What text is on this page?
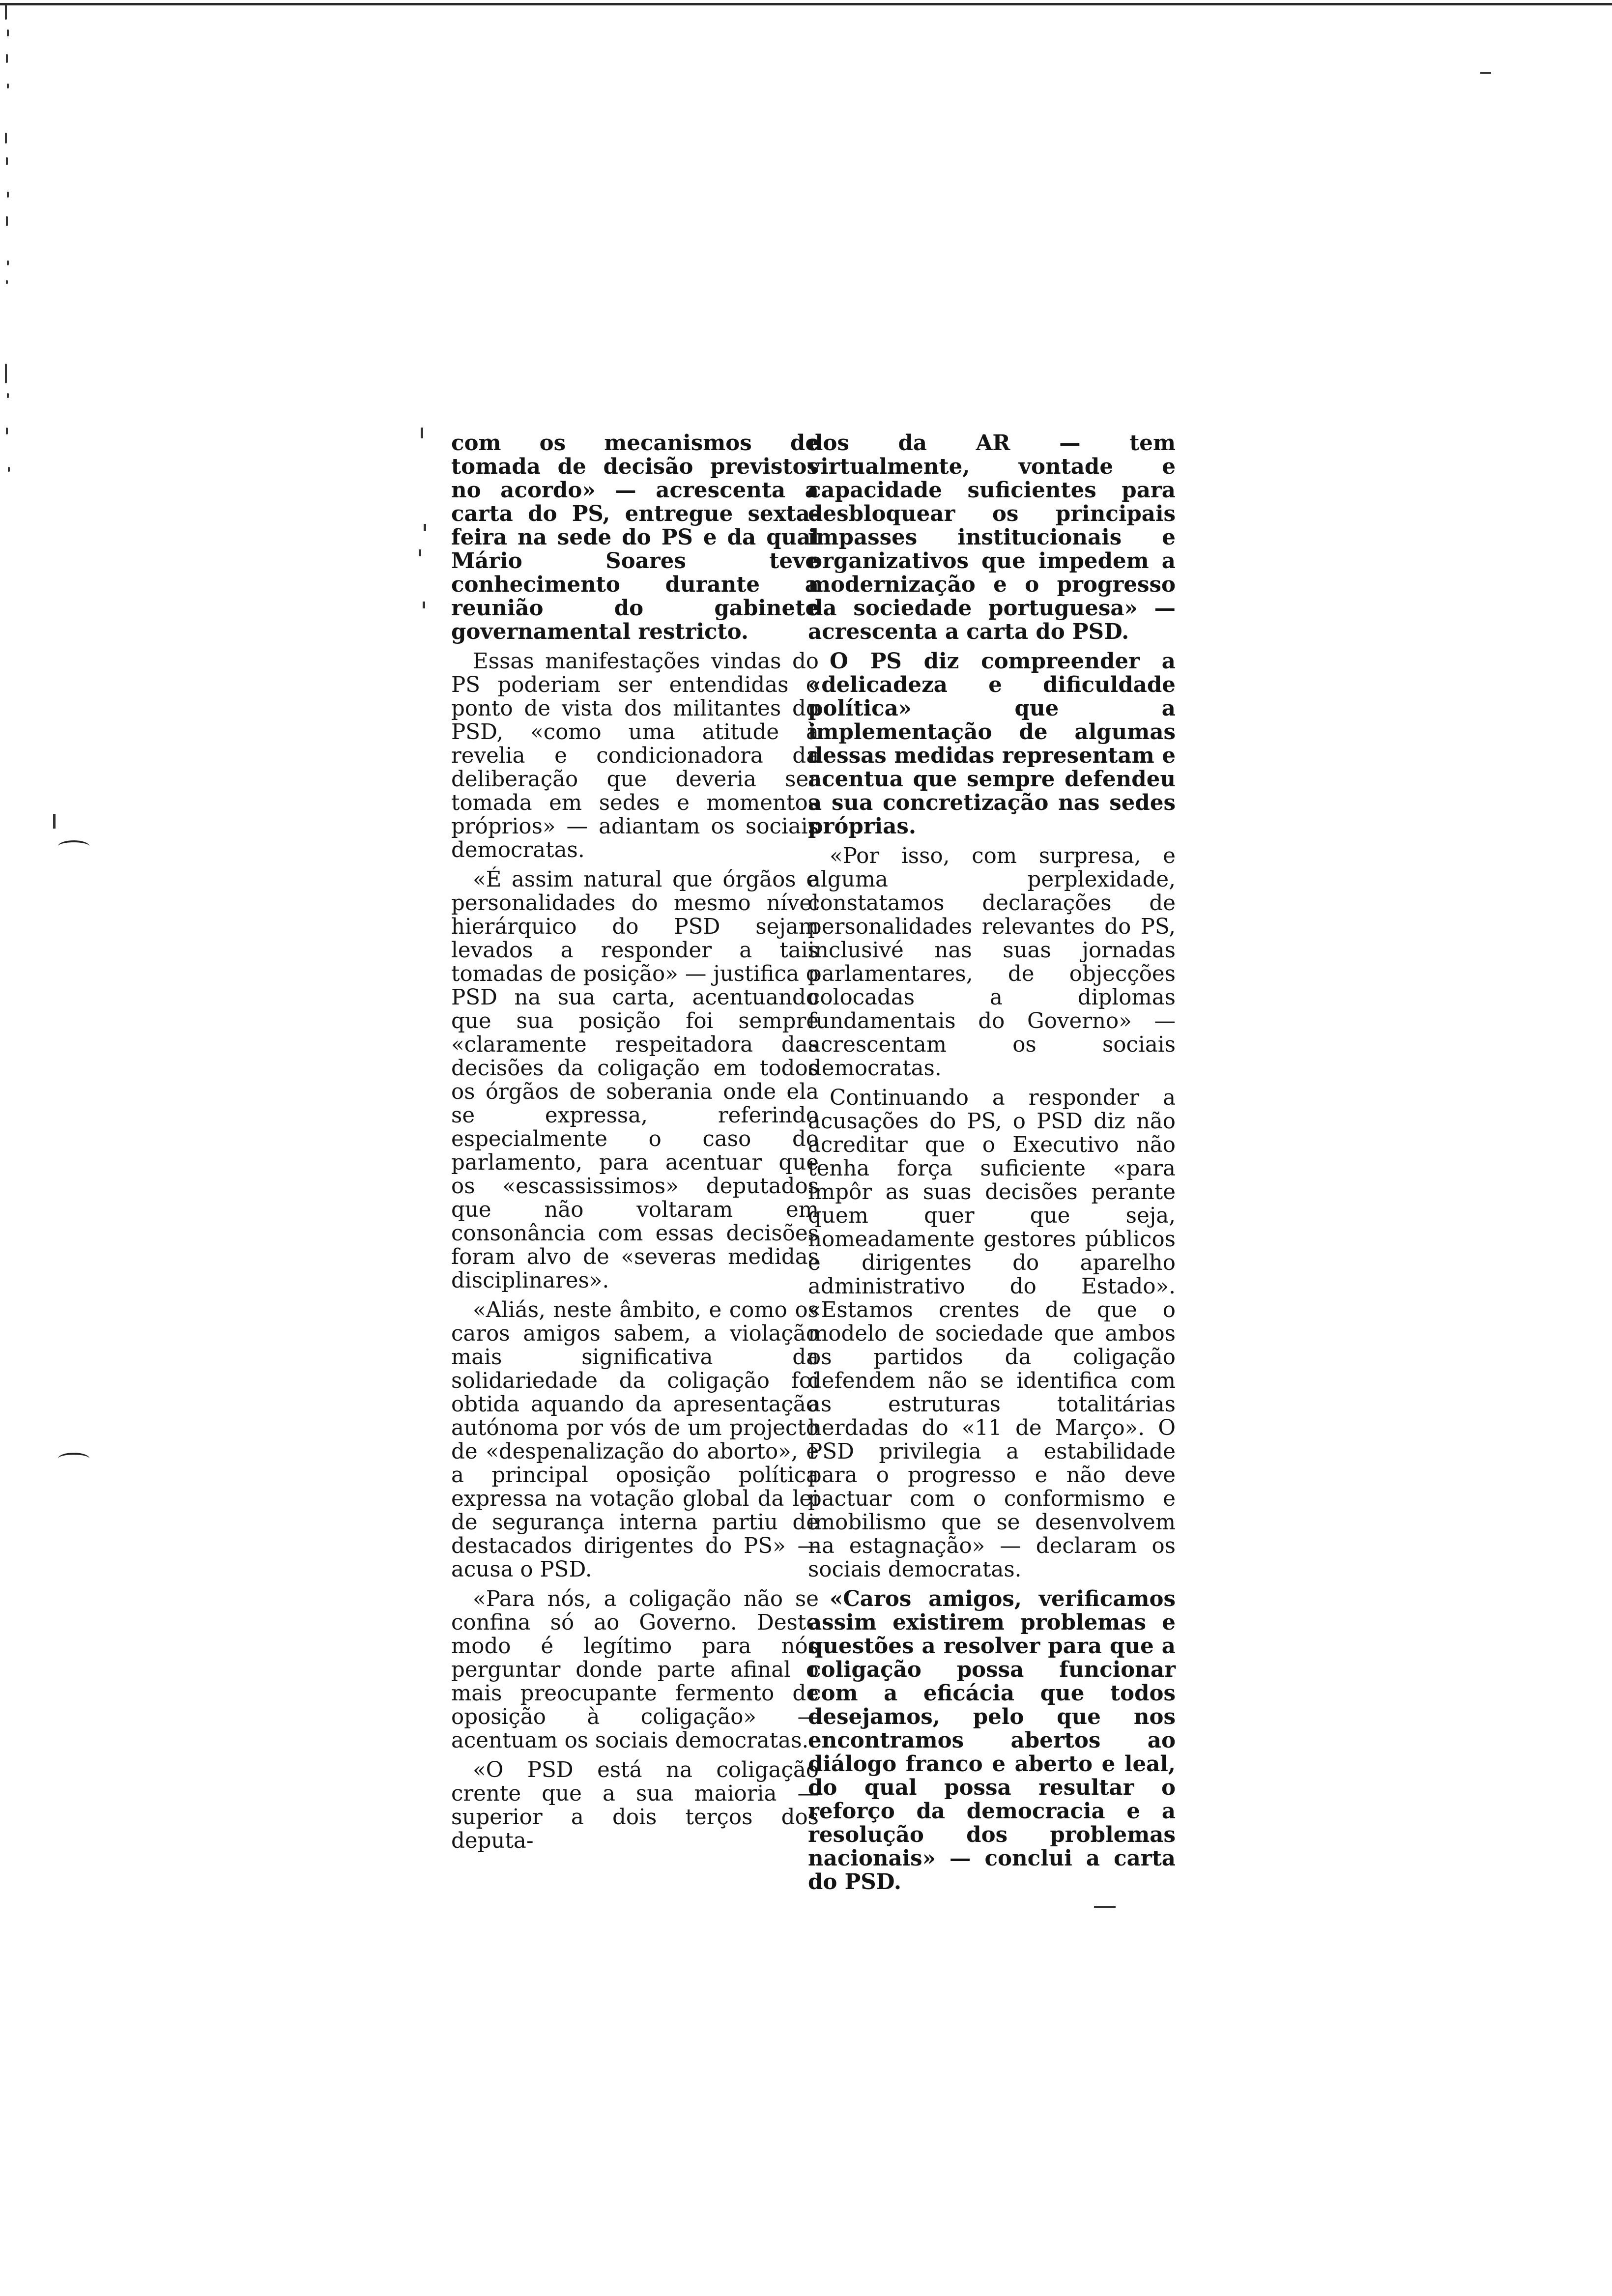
com os mecanismos de tomada de decisão previstos no acordo» — acrescenta a carta do PS, entregue sexta-feira na sede do PS e da qual Mário Soares teve conhecimento durante a reunião do gabinete governamental restricto.

Essas manifestações vindas do PS poderiam ser entendidas o ponto de vista dos militantes do PSD, «como uma atitude à revelia e condicionadora da deliberação que deveria ser tomada em sedes e momentos próprios» — adiantam os sociais democratas.

«É assim natural que órgãos e personalidades do mesmo nível hierárquico do PSD sejam levados a responder a tais tomadas de posição» — justifica o PSD na sua carta, acentuando que sua posição foi sempre «claramente respeitadora das decisões da coligação em todos os órgãos de soberania onde ela se expressa, referindo especialmente o caso do parlamento, para acentuar que os «escassissimos» deputados que não voltaram em consonância com essas decisões foram alvo de «severas medidas disciplinares».

«Aliás, neste âmbito, e como os caros amigos sabem, a violação mais significativa da solidariedade da coligação foi obtida aquando da apresentação autónoma por vós de um projecto de «despenalização do aborto», e a principal oposição política expressa na votação global da lei de segurança interna partiu de destacados dirigentes do PS» — acusa o PSD.

«Para nós, a coligação não se confina só ao Governo. Deste modo é legítimo para nós perguntar donde parte afinal o mais preocupante fermento de oposição à coligação» — acentuam os sociais democratas.

«O PSD está na coligação crente que a sua maioria — superior a dois terços dos deputa-

dos da AR — tem virtualmente, vontade e capacidade suficientes para desbloquear os principais impasses institucionais e organizativos que impedem a modernização e o progresso da sociedade portuguesa» — acrescenta a carta do PSD.

O PS diz compreender a «delicadeza e dificuldade política» que a implementação de algumas dessas medidas representam e acentua que sempre defendeu a sua concretização nas sedes próprias.

«Por isso, com surpresa, e alguma perplexidade, constatamos declarações de personalidades relevantes do PS, inclusivé nas suas jornadas parlamentares, de objecções colocadas a diplomas fundamentais do Governo» — acrescentam os sociais democratas.

Continuando a responder a acusações do PS, o PSD diz não acreditar que o Executivo não tenha força suficiente «para impôr as suas decisões perante quem quer que seja, nomeadamente gestores públicos e dirigentes do aparelho administrativo do Estado». «Estamos crentes de que o modelo de sociedade que ambos os partidos da coligação defendem não se identifica com as estruturas totalitárias herdadas do «11 de Março». O PSD privilegia a estabilidade para o progresso e não deve pactuar com o conformismo e imobilismo que se desenvolvem na estagnação» — declaram os sociais democratas.

«Caros amigos, verificamos assim existirem problemas e questões a resolver para que a coligação possa funcionar com a eficácia que todos desejamos, pelo que nos encontramos abertos ao diálogo franco e aberto e leal, do qual possa resultar o reforço da democracia e a resolução dos problemas nacionais» — conclui a carta do PSD.
